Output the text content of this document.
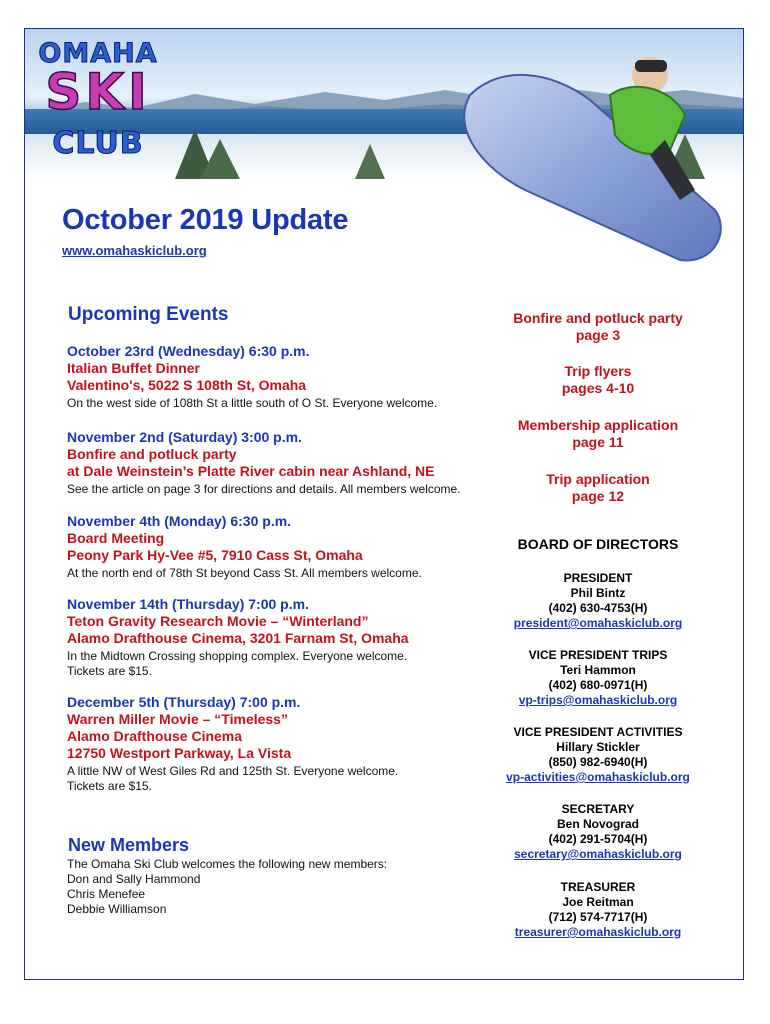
OMAHA
SKI
CLUB
October 2019 Update
www.omahaskiclub.org
Upcoming Events
October 23rd (Wednesday) 6:30 p.m.
Italian Buffet Dinner
Valentino's, 5022 S 108th St, Omaha
On the west side of 108th St a little south of O St. Everyone welcome.
November 2nd (Saturday) 3:00 p.m.
Bonfire and potluck party
at Dale Weinstein’s Platte River cabin near Ashland, NE
See the article on page 3 for directions and details. All members welcome.
November 4th (Monday) 6:30 p.m.
Board Meeting
Peony Park Hy-Vee #5, 7910 Cass St, Omaha
At the north end of 78th St beyond Cass St. All members welcome.
November 14th (Thursday) 7:00 p.m.
Teton Gravity Research Movie – “Winterland”
Alamo Drafthouse Cinema, 3201 Farnam St, Omaha
In the Midtown Crossing shopping complex. Everyone welcome.
Tickets are $15.
December 5th (Thursday) 7:00 p.m.
Warren Miller Movie – “Timeless”
Alamo Drafthouse Cinema
12750 Westport Parkway, La Vista
A little NW of West Giles Rd and 125th St. Everyone welcome.
Tickets are $15.
New Members
The Omaha Ski Club welcomes the following new members:
Don and Sally Hammond
Chris Menefee
Debbie Williamson
Bonfire and potluck party
page 3
Trip flyers
pages 4-10
Membership application
page 11
Trip application
page 12
BOARD OF DIRECTORS
PRESIDENT
Phil Bintz
(402) 630-4753(H)
president@omahaskiclub.org
VICE PRESIDENT TRIPS
Teri Hammon
(402) 680-0971(H)
vp-trips@omahaskiclub.org
VICE PRESIDENT ACTIVITIES
Hillary Stickler
(850) 982-6940(H)
vp-activities@omahaskiclub.org
SECRETARY
Ben Novograd
(402) 291-5704(H)
secretary@omahaskiclub.org
TREASURER
Joe Reitman
(712) 574-7717(H)
treasurer@omahaskiclub.org
